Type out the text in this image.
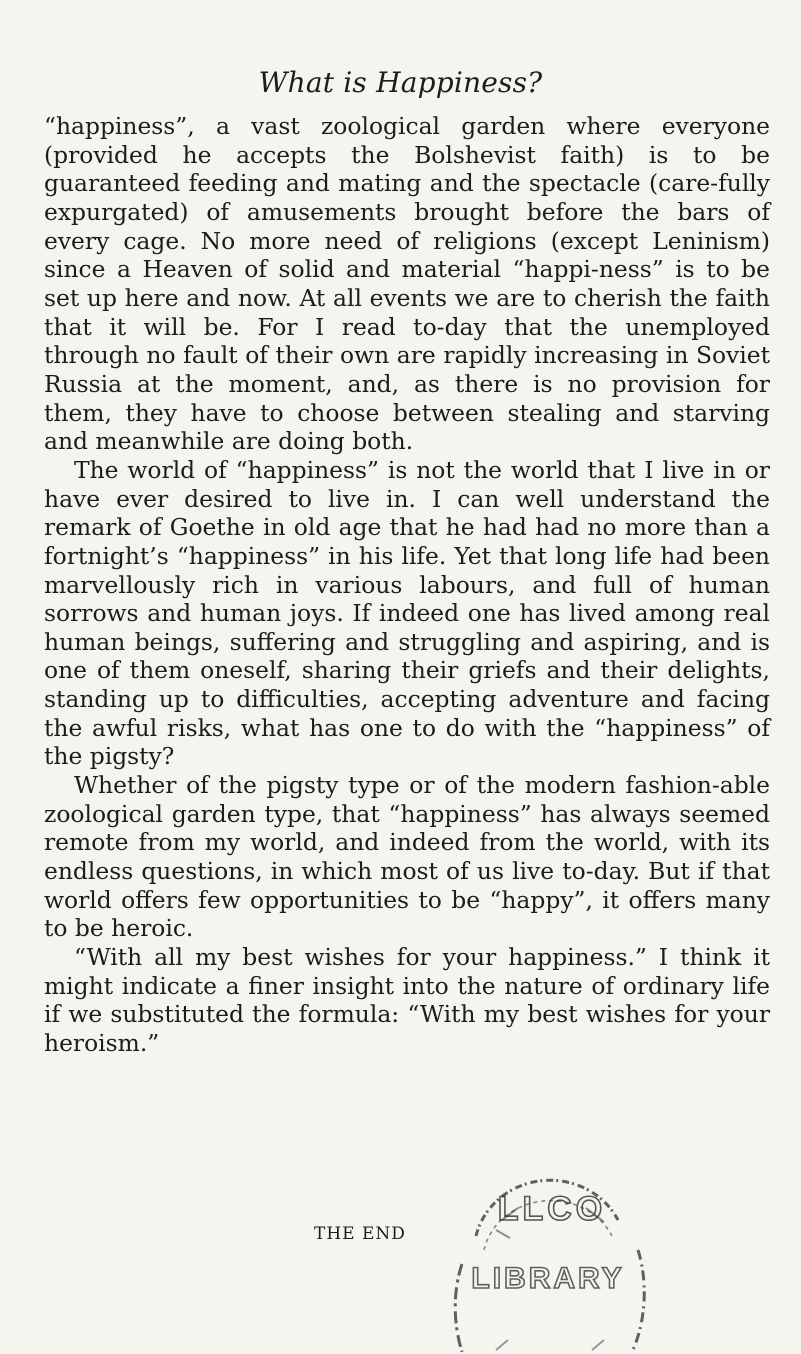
What is Happiness?

“happiness”, a vast zoological garden where everyone (provided he accepts the Bolshevist faith) is to be guaranteed feeding and mating and the spectacle (care-fully expurgated) of amusements brought before the bars of every cage. No more need of religions (except Leninism) since a Heaven of solid and material “happi-ness” is to be set up here and now. At all events we are to cherish the faith that it will be. For I read to-day that the unemployed through no fault of their own are rapidly increasing in Soviet Russia at the moment, and, as there is no provision for them, they have to choose between stealing and starving and meanwhile are doing both.

The world of “happiness” is not the world that I live in or have ever desired to live in. I can well understand the remark of Goethe in old age that he had had no more than a fortnight’s “happiness” in his life. Yet that long life had been marvellously rich in various labours, and full of human sorrows and human joys. If indeed one has lived among real human beings, suffering and struggling and aspiring, and is one of them oneself, sharing their griefs and their delights, standing up to difficulties, accepting adventure and facing the awful risks, what has one to do with the “happiness” of the pigsty?

Whether of the pigsty type or of the modern fashion-able zoological garden type, that “happiness” has always seemed remote from my world, and indeed from the world, with its endless questions, in which most of us live to-day. But if that world offers few opportunities to be “happy”, it offers many to be heroic.

“With all my best wishes for your happiness.” I think it might indicate a finer insight into the nature of ordinary life if we substituted the formula: “With my best wishes for your heroism.”

THE END
LLCO
LIBRARY
